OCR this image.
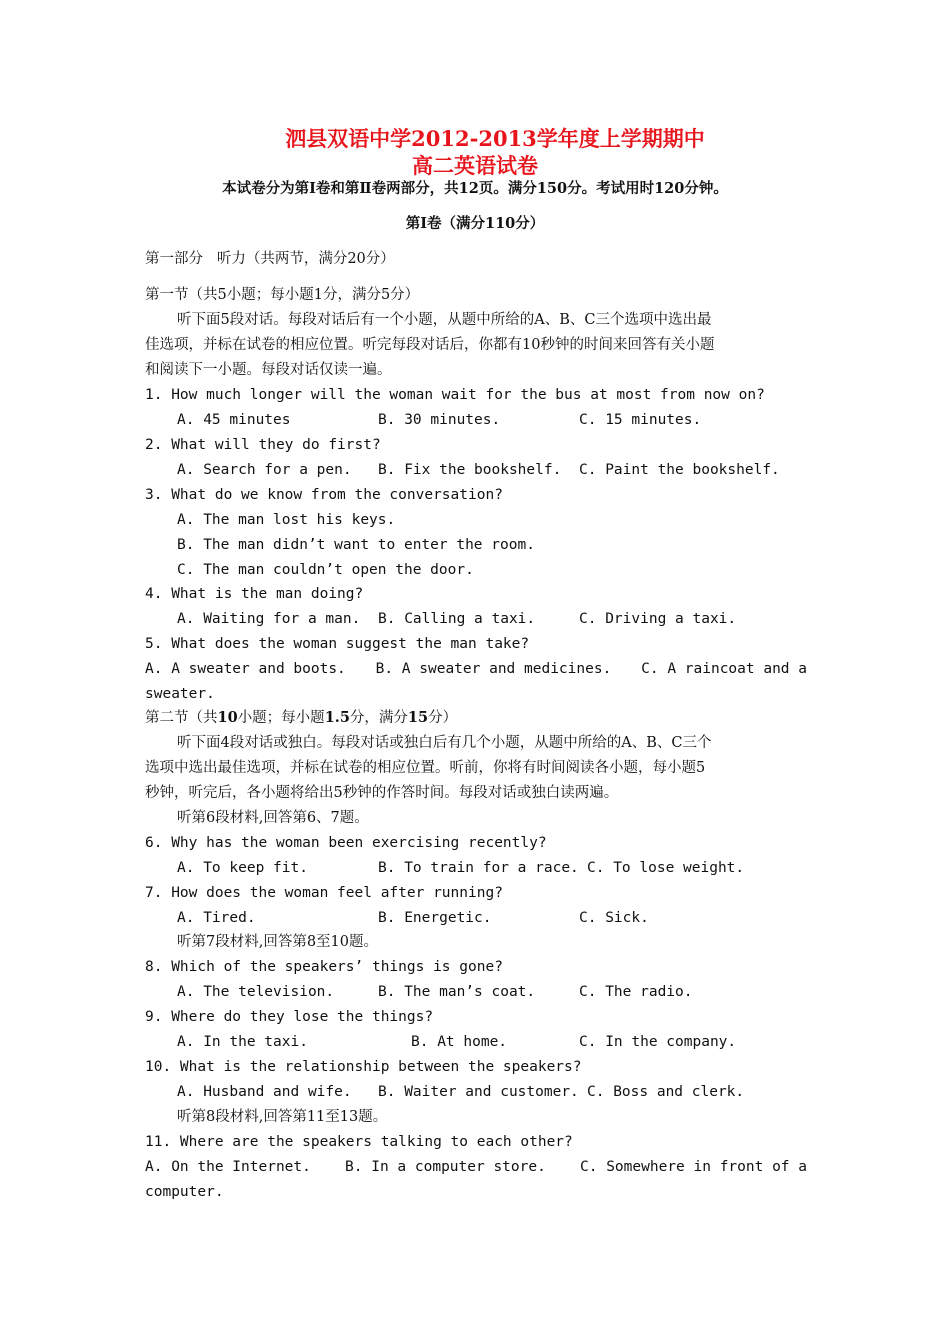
泗县双语中学2012-2013学年度上学期期中
高二英语试卷
本试卷分为第Ⅰ卷和第Ⅱ卷两部分，共12页。满分150分。考试用时120分钟。
第Ⅰ卷（满分110分）
第一部分   听力（共两节，满分20分）
第一节（共5小题；每小题1分，满分5分）
听下面5段对话。每段对话后有一个小题，从题中所给的A、B、C三个选项中选出最
佳选项，并标在试卷的相应位置。听完每段对话后，你都有10秒钟的时间来回答有关小题
和阅读下一小题。每段对话仅读一遍。
1. How much longer will the woman wait for the bus at most from now on?
A. 45 minutes	B. 30 minutes.	C. 15 minutes.
2. What will they do first?
A. Search for a pen. B. Fix the bookshelf. C. Paint the bookshelf.
3. What do we know from the conversation?
A. The man lost his keys.
B. The man didn’t want to enter the room.
C. The man couldn’t open the door.
4. What is the man doing?
A. Waiting for a man. B. Calling a taxi.	C. Driving a taxi.
5. What does the woman suggest the man take?
A. A sweater and boots. B. A sweater and medicines. C. A raincoat and a
sweater.
第二节（共10小题；每小题1.5分，满分15分）
听下面4段对话或独白。每段对话或独白后有几个小题，从题中所给的A、B、C三个
选项中选出最佳选项，并标在试卷的相应位置。听前，你将有时间阅读各小题，每小题5
秒钟，听完后，各小题将给出5秒钟的作答时间。每段对话或独白读两遍。
听第6段材料,回答第6、7题。
6. Why has the woman been exercising recently?
A. To keep fit.	B. To train for a race. C. To lose weight.
7. How does the woman feel after running?
A. Tired.	B. Energetic.	C. Sick.
听第7段材料,回答第8至10题。
8. Which of the speakers’ things is gone?
A. The television.	B. The man’s coat.	C. The radio.
9. Where do they lose the things?
A. In the taxi.	B. At home.	C. In the company.
10. What is the relationship between the speakers?
A. Husband and wife. B. Waiter and customer. C. Boss and clerk.
听第8段材料,回答第11至13题。
11. Where are the speakers talking to each other?
A. On the Internet. B. In a computer store. C. Somewhere in front of a
computer.
